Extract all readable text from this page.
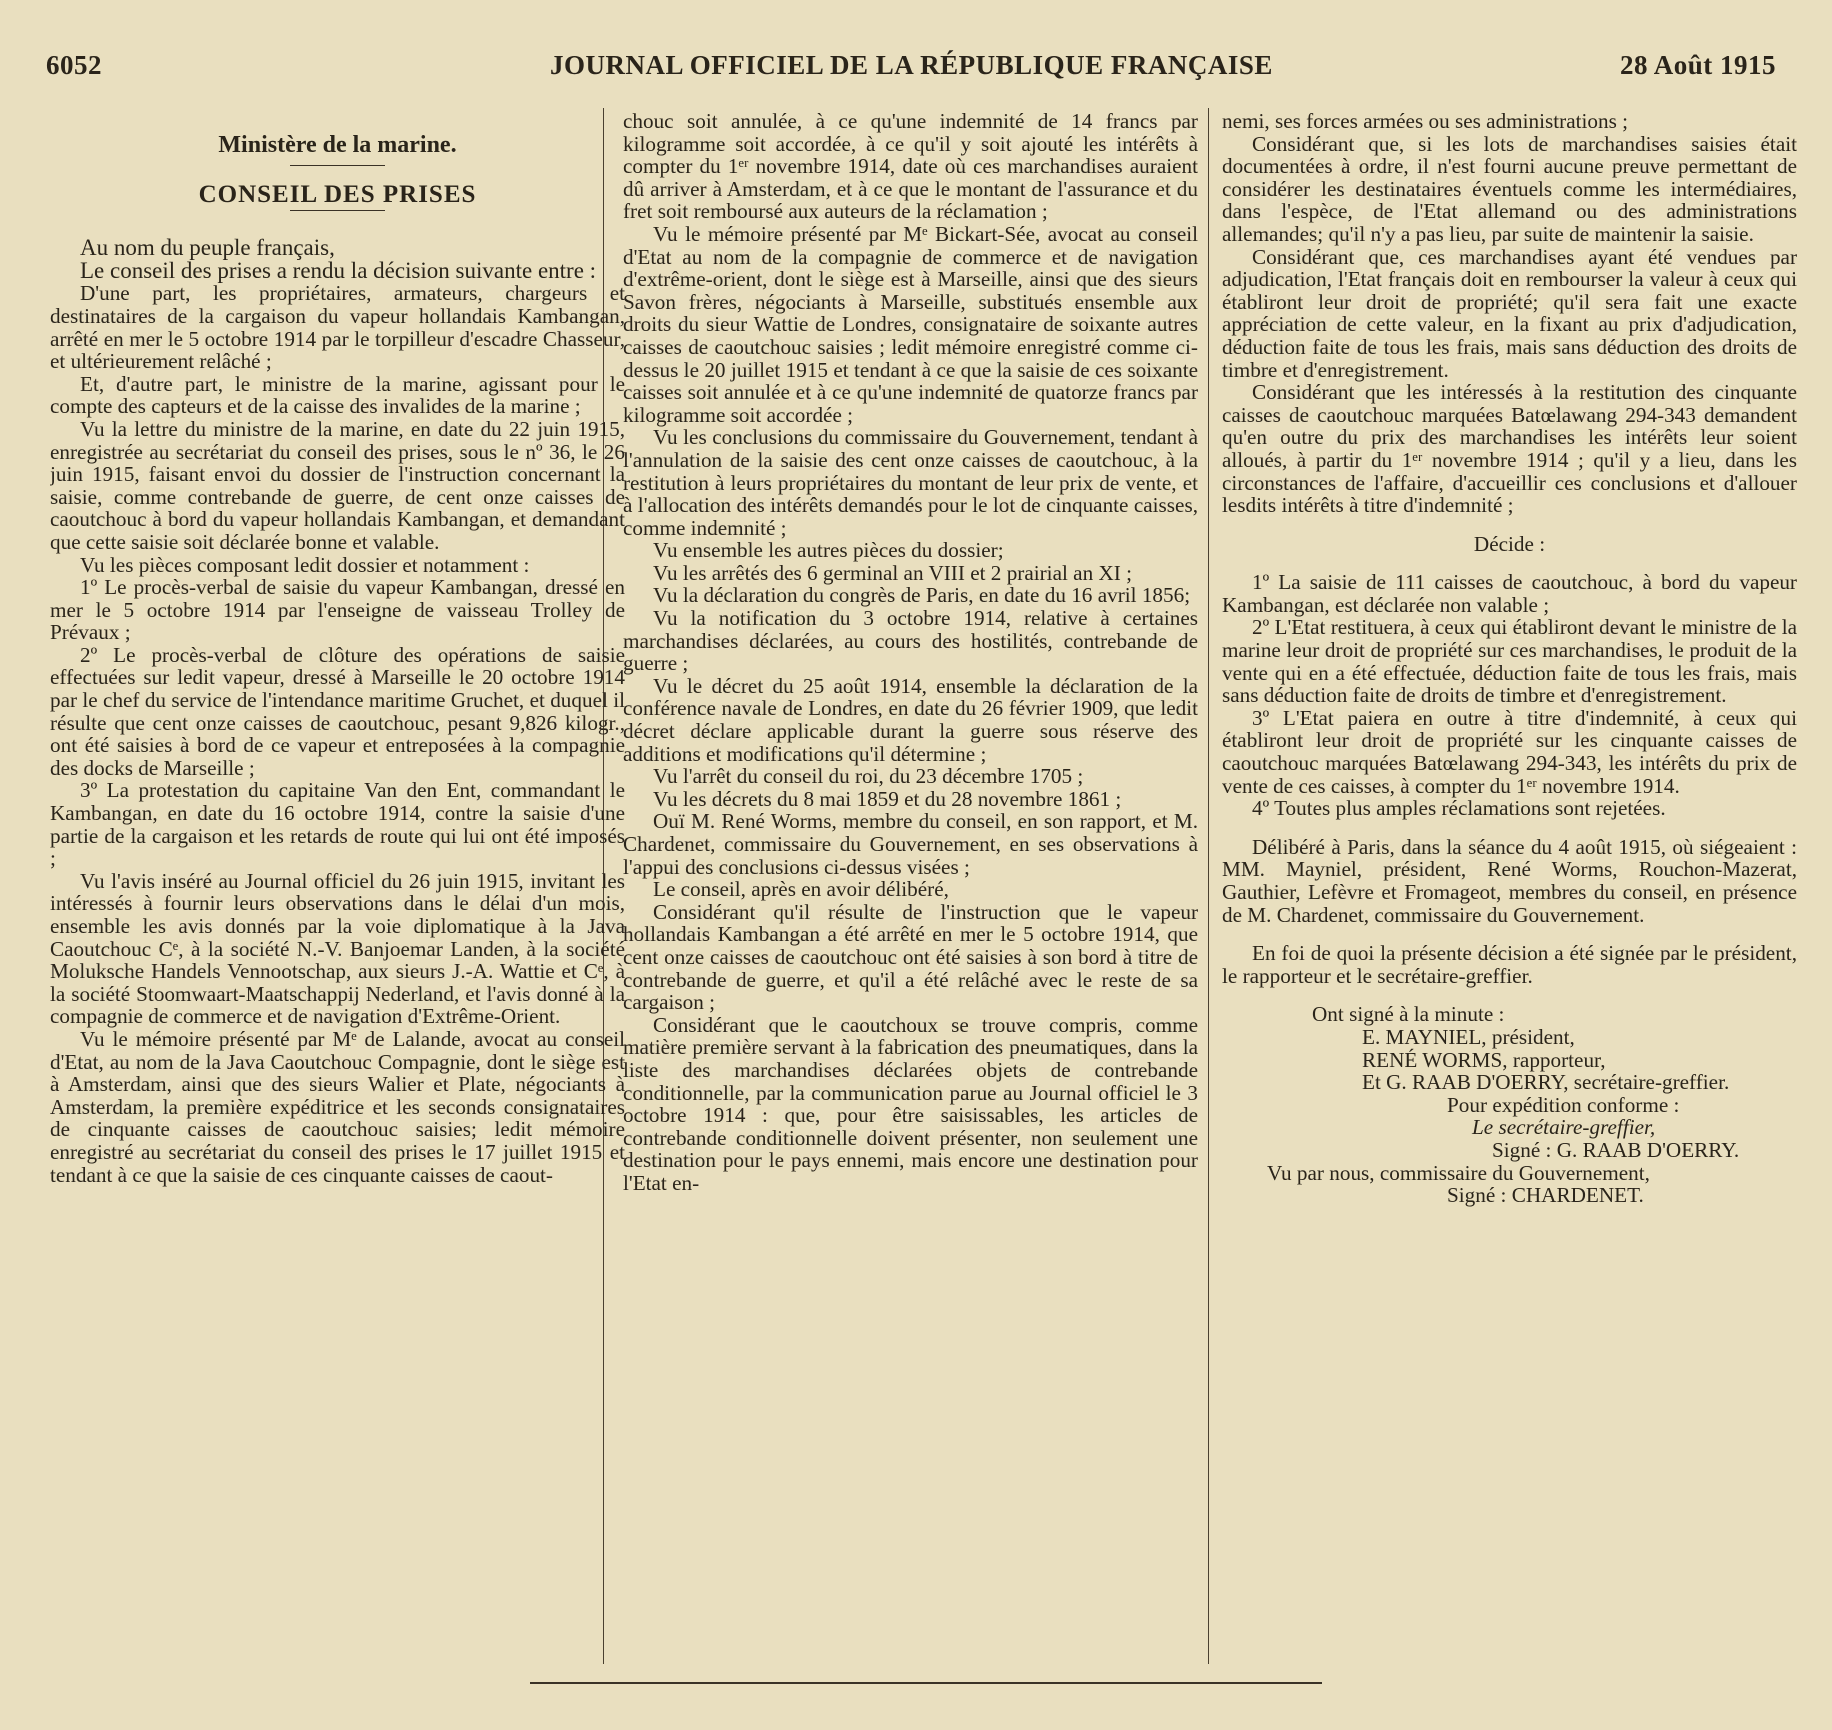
6052	JOURNAL OFFICIEL DE LA RÉPUBLIQUE FRANÇAISE	28 Août 1915

Ministère de la marine.

CONSEIL DES PRISES

Au nom du peuple français,

Le conseil des prises a rendu la décision suivante entre :

D'une part, les propriétaires, armateurs, chargeurs et destinataires de la cargaison du vapeur hollandais Kambangan, arrêté en mer le 5 octobre 1914 par le torpilleur d'escadre Chasseur, et ultérieurement relâché ;

Et, d'autre part, le ministre de la marine, agissant pour le compte des capteurs et de la caisse des invalides de la marine ;

Vu la lettre du ministre de la marine, en date du 22 juin 1915, enregistrée au secrétariat du conseil des prises, sous le nº 36, le 26 juin 1915, faisant envoi du dossier de l'instruction concernant la saisie, comme contrebande de guerre, de cent onze caisses de caoutchouc à bord du vapeur hollandais Kambangan, et demandant que cette saisie soit déclarée bonne et valable.

Vu les pièces composant ledit dossier et notamment :

1º Le procès-verbal de saisie du vapeur Kambangan, dressé en mer le 5 octobre 1914 par l'enseigne de vaisseau Trolley de Prévaux ;

2º Le procès-verbal de clôture des opérations de saisie effectuées sur ledit vapeur, dressé à Marseille le 20 octobre 1914 par le chef du service de l'intendance maritime Gruchet, et duquel il résulte que cent onze caisses de caoutchouc, pesant 9,826 kilogr., ont été saisies à bord de ce vapeur et entreposées à la compagnie des docks de Marseille ;

3º La protestation du capitaine Van den Ent, commandant le Kambangan, en date du 16 octobre 1914, contre la saisie d'une partie de la cargaison et les retards de route qui lui ont été imposés ;

Vu l'avis inséré au Journal officiel du 26 juin 1915, invitant les intéressés à fournir leurs observations dans le délai d'un mois, ensemble les avis donnés par la voie diplomatique à la Java Caoutchouc Cᵉ, à la société N.-V. Banjoemar Landen, à la société Moluksche Handels Vennootschap, aux sieurs J.-A. Wattie et Cᵉ, à la société Stoomwaart-Maatschappij Nederland, et l'avis donné à la compagnie de commerce et de navigation d'Extrême-Orient.

Vu le mémoire présenté par Mᵉ de Lalande, avocat au conseil d'Etat, au nom de la Java Caoutchouc Compagnie, dont le siège est à Amsterdam, ainsi que des sieurs Walier et Plate, négociants à Amsterdam, la première expéditrice et les seconds consignataires de cinquante caisses de caoutchouc saisies; ledit mémoire enregistré au secrétariat du conseil des prises le 17 juillet 1915 et tendant à ce que la saisie de ces cinquante caisses de caout-

chouc soit annulée, à ce qu'une indemnité de 14 francs par kilogramme soit accordée, à ce qu'il y soit ajouté les intérêts à compter du 1ᵉʳ novembre 1914, date où ces marchandises auraient dû arriver à Amsterdam, et à ce que le montant de l'assurance et du fret soit remboursé aux auteurs de la réclamation ;

Vu le mémoire présenté par Mᵉ Bickart-Sée, avocat au conseil d'Etat au nom de la compagnie de commerce et de navigation d'extrême-orient, dont le siège est à Marseille, ainsi que des sieurs Savon frères, négociants à Marseille, substitués ensemble aux droits du sieur Wattie de Londres, consignataire de soixante autres caisses de caoutchouc saisies ; ledit mémoire enregistré comme ci-dessus le 20 juillet 1915 et tendant à ce que la saisie de ces soixante caisses soit annulée et à ce qu'une indemnité de quatorze francs par kilogramme soit accordée ;

Vu les conclusions du commissaire du Gouvernement, tendant à l'annulation de la saisie des cent onze caisses de caoutchouc, à la restitution à leurs propriétaires du montant de leur prix de vente, et à l'allocation des intérêts demandés pour le lot de cinquante caisses, comme indemnité ;

Vu ensemble les autres pièces du dossier;

Vu les arrêtés des 6 germinal an VIII et 2 prairial an XI ;

Vu la déclaration du congrès de Paris, en date du 16 avril 1856;

Vu la notification du 3 octobre 1914, relative à certaines marchandises déclarées, au cours des hostilités, contrebande de guerre ;

Vu le décret du 25 août 1914, ensemble la déclaration de la conférence navale de Londres, en date du 26 février 1909, que ledit décret déclare applicable durant la guerre sous réserve des additions et modifications qu'il détermine ;

Vu l'arrêt du conseil du roi, du 23 décembre 1705 ;

Vu les décrets du 8 mai 1859 et du 28 novembre 1861 ;

Ouï M. René Worms, membre du conseil, en son rapport, et M. Chardenet, commissaire du Gouvernement, en ses observations à l'appui des conclusions ci-dessus visées ;

Le conseil, après en avoir délibéré,

Considérant qu'il résulte de l'instruction que le vapeur hollandais Kambangan a été arrêté en mer le 5 octobre 1914, que cent onze caisses de caoutchouc ont été saisies à son bord à titre de contrebande de guerre, et qu'il a été relâché avec le reste de sa cargaison ;

Considérant que le caoutchoux se trouve compris, comme matière première servant à la fabrication des pneumatiques, dans la liste des marchandises déclarées objets de contrebande conditionnelle, par la communication parue au Journal officiel le 3 octobre 1914 : que, pour être saisissables, les articles de contrebande conditionnelle doivent présenter, non seulement une destination pour le pays ennemi, mais encore une destination pour l'Etat en-

nemi, ses forces armées ou ses administrations ;

Considérant que, si les lots de marchandises saisies était documentées à ordre, il n'est fourni aucune preuve permettant de considérer les destinataires éventuels comme les intermédiaires, dans l'espèce, de l'Etat allemand ou des administrations allemandes; qu'il n'y a pas lieu, par suite de maintenir la saisie.

Considérant que, ces marchandises ayant été vendues par adjudication, l'Etat français doit en rembourser la valeur à ceux qui établiront leur droit de propriété; qu'il sera fait une exacte appréciation de cette valeur, en la fixant au prix d'adjudication, déduction faite de tous les frais, mais sans déduction des droits de timbre et d'enregistrement.

Considérant que les intéressés à la restitution des cinquante caisses de caoutchouc marquées Batœlawang 294-343 demandent qu'en outre du prix des marchandises les intérêts leur soient alloués, à partir du 1ᵉʳ novembre 1914 ; qu'il y a lieu, dans les circonstances de l'affaire, d'accueillir ces conclusions et d'allouer lesdits intérêts à titre d'indemnité ;

Décide :

1º La saisie de 111 caisses de caoutchouc, à bord du vapeur Kambangan, est déclarée non valable ;

2º L'Etat restituera, à ceux qui établiront devant le ministre de la marine leur droit de propriété sur ces marchandises, le produit de la vente qui en a été effectuée, déduction faite de tous les frais, mais sans déduction faite de droits de timbre et d'enregistrement.

3º L'Etat paiera en outre à titre d'indemnité, à ceux qui établiront leur droit de propriété sur les cinquante caisses de caoutchouc marquées Batœlawang 294-343, les intérêts du prix de vente de ces caisses, à compter du 1ᵉʳ novembre 1914.

4º Toutes plus amples réclamations sont rejetées.

Délibéré à Paris, dans la séance du 4 août 1915, où siégeaient : MM. Mayniel, président, René Worms, Rouchon-Mazerat, Gauthier, Lefèvre et Fromageot, membres du conseil, en présence de M. Chardenet, commissaire du Gouvernement.

En foi de quoi la présente décision a été signée par le président, le rapporteur et le secrétaire-greffier.

Ont signé à la minute :

E. MAYNIEL, président,

RENÉ WORMS, rapporteur,

Et G. RAAB D'OERRY, secrétaire-greffier.

Pour expédition conforme :

Le secrétaire-greffier,

Signé : G. RAAB D'OERRY.

Vu par nous, commissaire du Gouvernement,

Signé : CHARDENET.
